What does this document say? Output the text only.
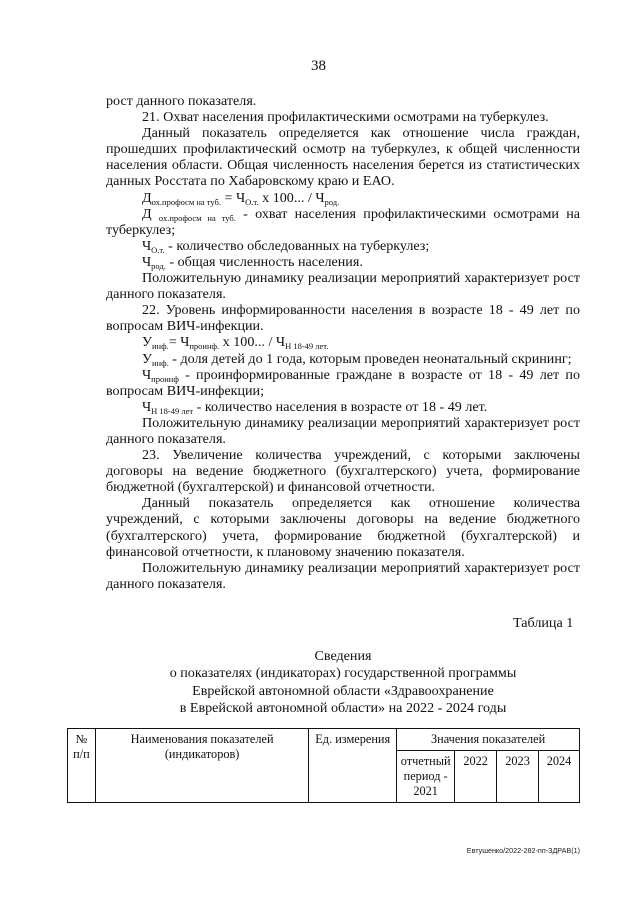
38

рост данного показателя.

21. Охват населения профилактическими осмотрами на туберкулез.

Данный показатель определяется как отношение числа граждан, прошедших профилактический осмотр на туберкулез, к общей численности населения области. Общая численность населения берется из статистических данных Росстата по Хабаровскому краю и ЕАО.

$Д_{ох.профосм на туб.} = Ч_{О.т.}$ х 100... / $Ч_{род.}$

Д $_{ох.профосм на туб.}$ - охват населения профилактическими осмотрами на туберкулез;

$Ч_{О.т.}$ - количество обследованных на туберкулез;

$Ч_{род.}$ - общая численность населения.

Положительную динамику реализации мероприятий характеризует рост данного показателя.

22. Уровень информированности населения в возрасте 18 - 49 лет по вопросам ВИЧ-инфекции.

$У_{инф.}= Ч_{проинф.}$ х 100... / $Ч_{Н 18-49 лет.}$

$У_{инф.}$ - доля детей до 1 года, которым проведен неонатальный скрининг;

$Ч_{проинф}$ - проинформированные граждане в возрасте от 18 - 49 лет по вопросам ВИЧ-инфекции;

$Ч_{Н 18-49 лет}$ - количество населения в возрасте от 18 - 49 лет.

Положительную динамику реализации мероприятий характеризует рост данного показателя.

23. Увеличение количества учреждений, с которыми заключены договоры на ведение бюджетного (бухгалтерского) учета, формирование бюджетной (бухгалтерской) и финансовой отчетности.

Данный показатель определяется как отношение количества учреждений, с которыми заключены договоры на ведение бюджетного (бухгалтерского) учета, формирование бюджетной (бухгалтерской) и финансовой отчетности, к плановому значению показателя.

Положительную динамику реализации мероприятий характеризует рост данного показателя.

Таблица 1
Сведения
о показателях (индикаторах) государственной программы
Еврейской автономной области «Здравоохранение
в Еврейской автономной области» на 2022 - 2024 годы
№ п/п	Наименования показателей (индикаторов)	Ед. измерения	Значения показателей			
			отчетный период - 2021	2022	2023	2024
Евтушенко/2022-282-пп-ЗДРАВ(1)
